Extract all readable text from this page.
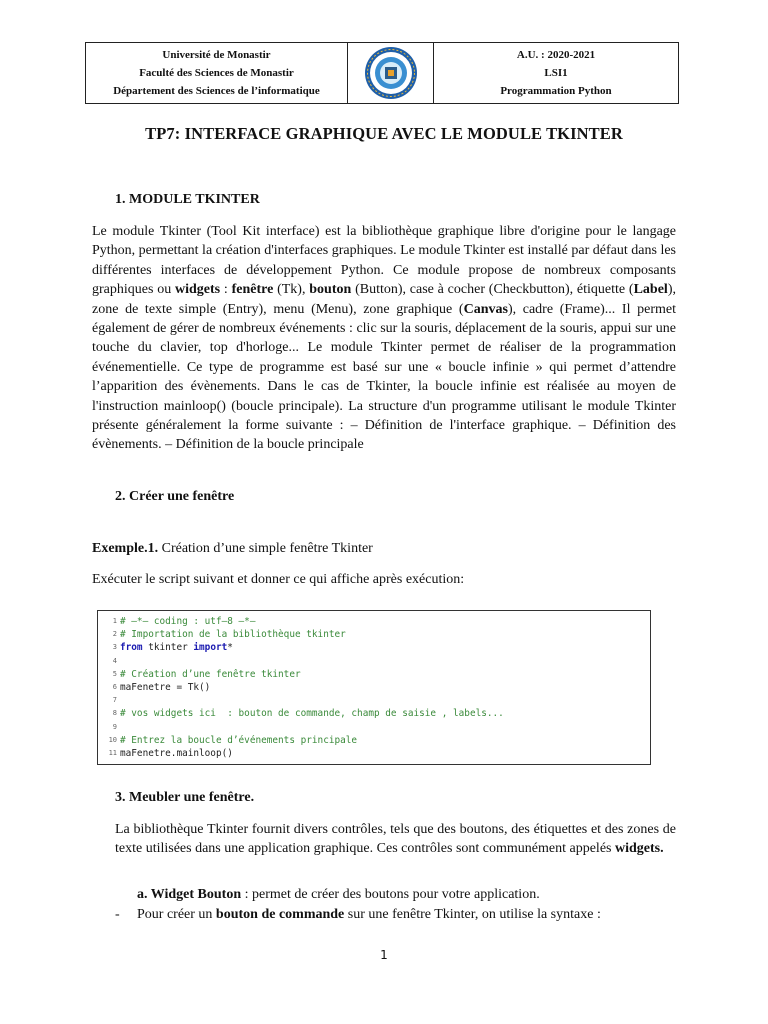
Université de Monastir
Faculté des Sciences de Monastir
Département des Sciences de l’informatique
A.U. : 2020-2021
LSI1
Programmation Python
TP7: INTERFACE GRAPHIQUE AVEC LE MODULE TKINTER
1. MODULE TKINTER
Le module Tkinter (Tool Kit interface) est la bibliothèque graphique libre d'origine pour le langage Python, permettant la création d'interfaces graphiques. Le module Tkinter est installé par défaut dans les différentes interfaces de développement Python. Ce module propose de nombreux composants graphiques ou widgets : fenêtre (Tk), bouton (Button), case à cocher (Checkbutton), étiquette (Label), zone de texte simple (Entry), menu (Menu), zone graphique (Canvas), cadre (Frame)... Il permet également de gérer de nombreux événements : clic sur la souris, déplacement de la souris, appui sur une touche du clavier, top d'horloge... Le module Tkinter permet de réaliser de la programmation événementielle. Ce type de programme est basé sur une « boucle infinie » qui permet d’attendre l’apparition des évènements. Dans le cas de Tkinter, la boucle infinie est réalisée au moyen de l'instruction mainloop() (boucle principale). La structure d'un programme utilisant le module Tkinter présente généralement la forme suivante : – Définition de l'interface graphique. – Définition des évènements. – Définition de la boucle principale
2. Créer une fenêtre
Exemple.1. Création d’une simple fenêtre Tkinter
Exécuter le script suivant et donner ce qui affiche après exécution:
1 # –*– coding : utf–8 –*–
2 # Importation de la bibliothèque tkinter
3 from tkinter import*
4
5 # Création d’une fenêtre tkinter
6 maFenetre = Tk()
7
8 # vos widgets ici  : bouton de commande, champ de saisie , labels...
9
10 # Entrez la boucle d’événements principale
11 maFenetre.mainloop()
3. Meubler une fenêtre.
La bibliothèque Tkinter fournit divers contrôles, tels que des boutons, des étiquettes et des zones de texte utilisées dans une application graphique. Ces contrôles sont communément appelés widgets.
a. Widget Bouton : permet de créer des boutons pour votre application.
- Pour créer un bouton de commande sur une fenêtre Tkinter, on utilise la syntaxe :
1
